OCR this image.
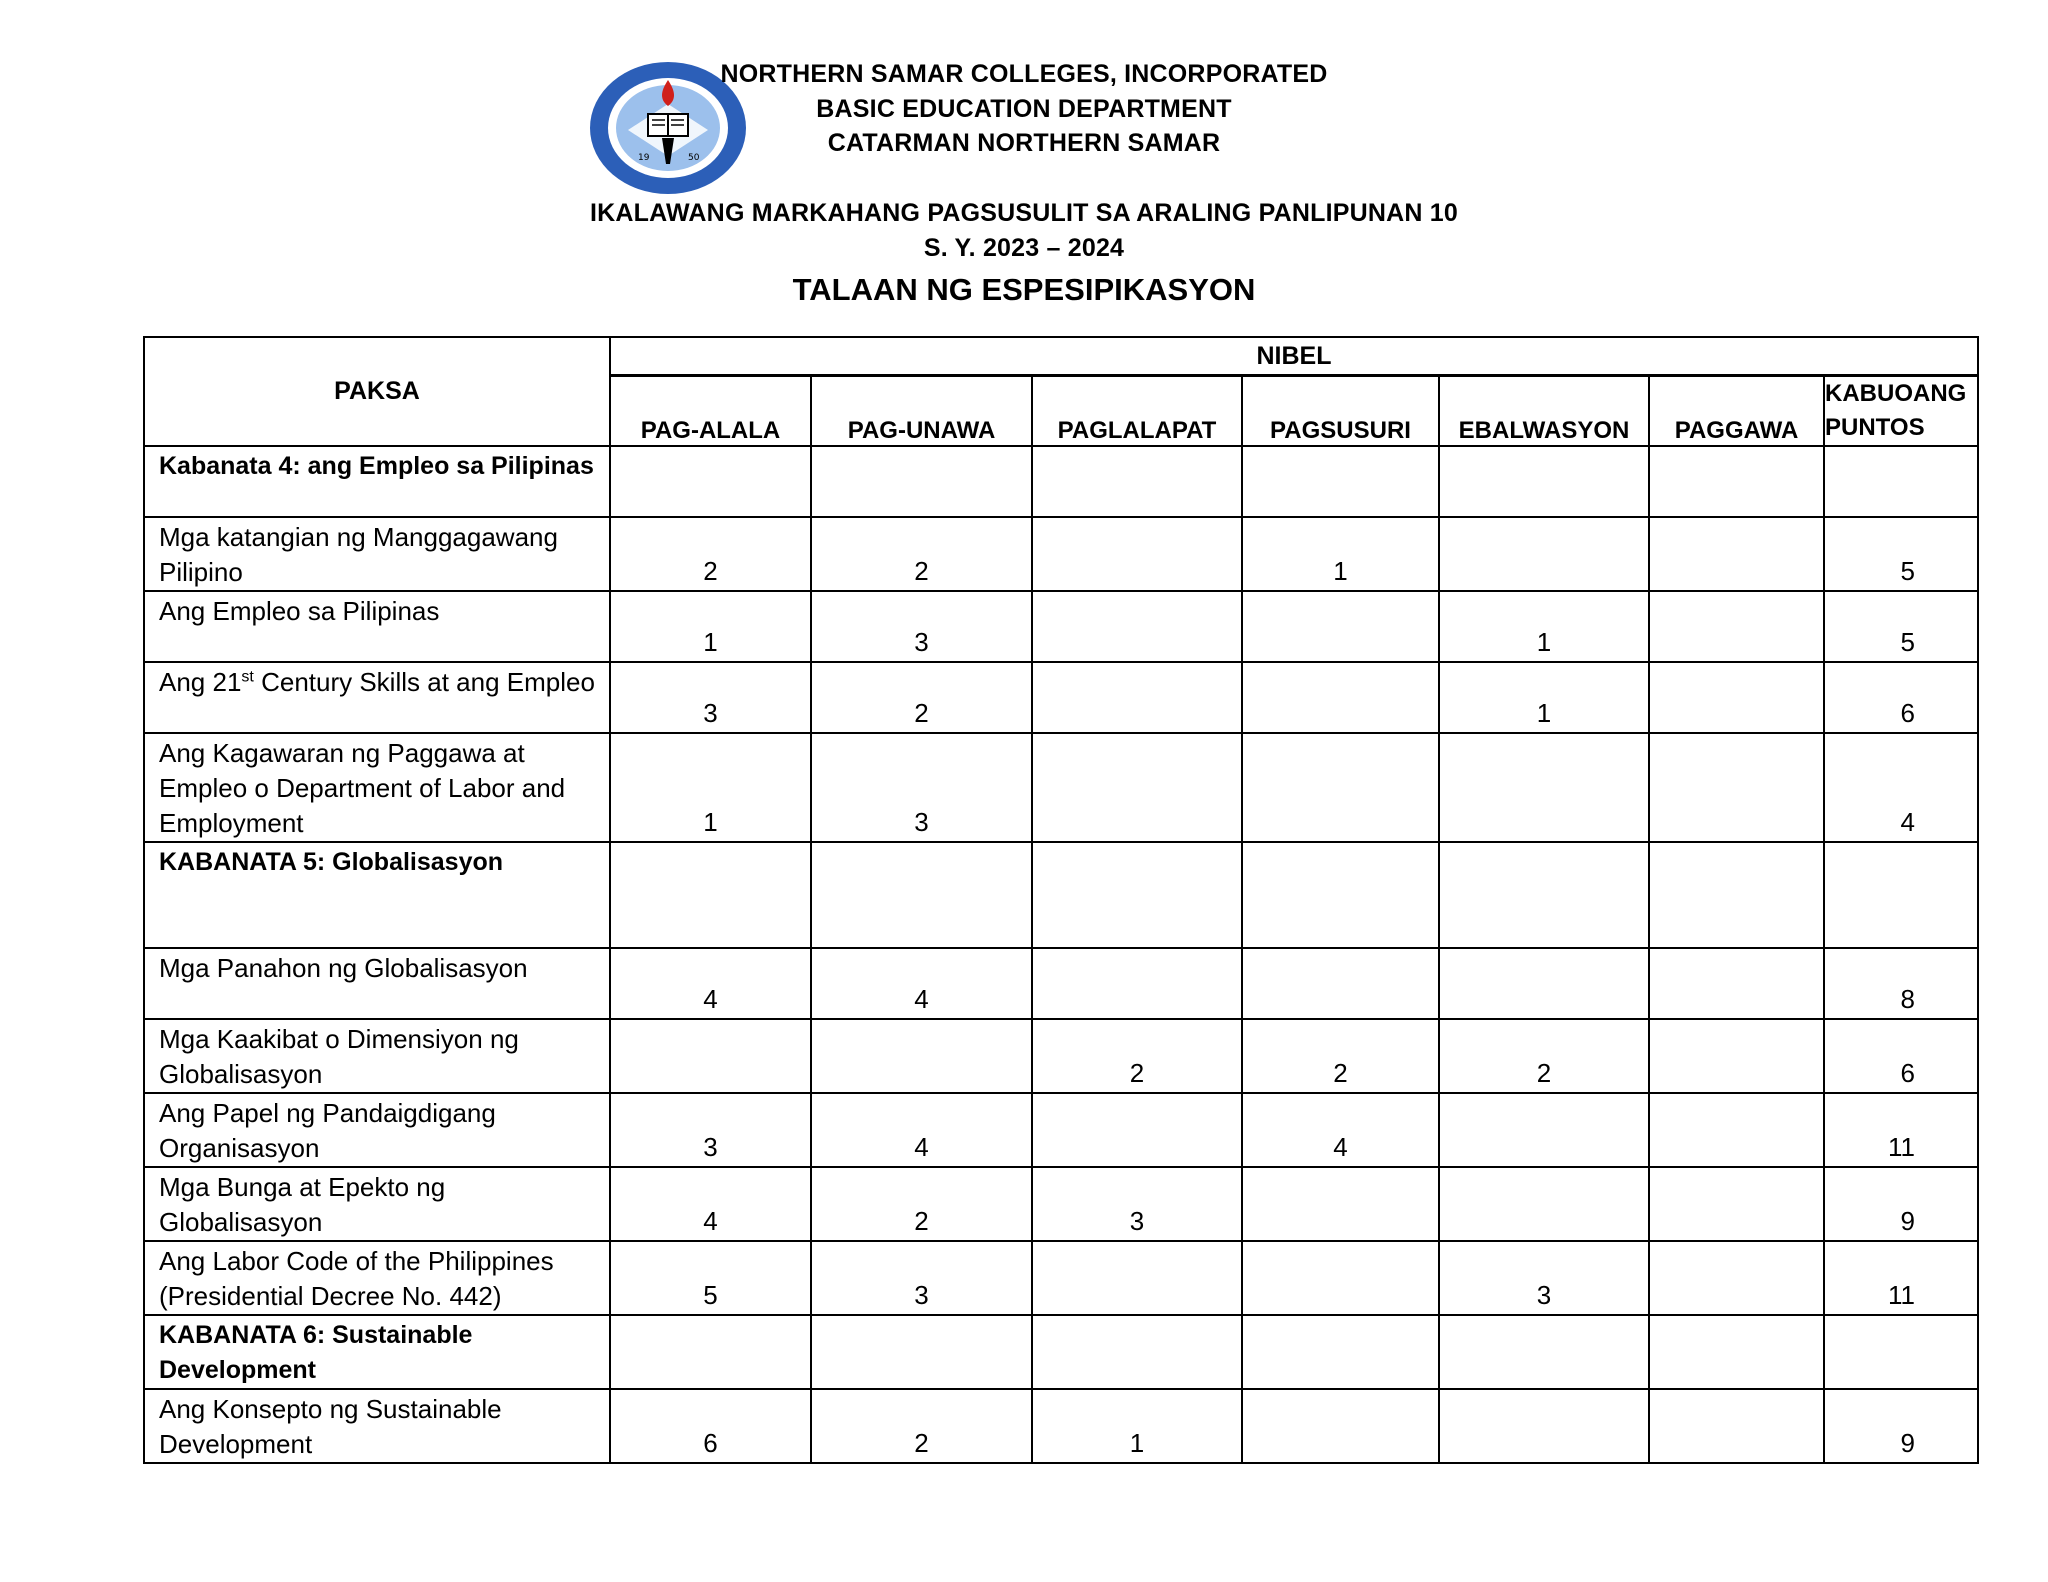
19	50
NORTHERN SAMAR COLLEGES, INCORPORATED
BASIC EDUCATION DEPARTMENT
CATARMAN NORTHERN SAMAR
IKALAWANG MARKAHANG PAGSUSULIT SA ARALING PANLIPUNAN 10
S. Y. 2023 – 2024
TALAAN NG ESPESIPIKASYON
PAKSA	NIBEL						
	PAG-ALALA	PAG-UNAWA	PAGLALAPAT	PAGSUSURI	EBALWASYON	PAGGAWA	KABUOANG
PUNTOS

Kabanata 4: ang Empleo sa Pilipinas							
Mga katangian ng Manggagawang Pilipino	2	2		1			5
Ang Empleo sa Pilipinas	1	3			1		5
Ang 21st Century Skills at ang Empleo	3	2			1		6
Ang Kagawaran ng Paggawa at Empleo o Department of Labor and Employment	1	3					4
KABANATA 5: Globalisasyon							
Mga Panahon ng Globalisasyon	4	4					8
Mga Kaakibat o Dimensiyon ng Globalisasyon			2	2	2		6
Ang Papel ng Pandaigdigang Organisasyon	3	4		4			11
Mga Bunga at Epekto ng Globalisasyon	4	2	3				9
Ang Labor Code of the Philippines (Presidential Decree No. 442)	5	3			3		11
KABANATA 6: Sustainable Development							
Ang Konsepto ng Sustainable Development	6	2	1				9
